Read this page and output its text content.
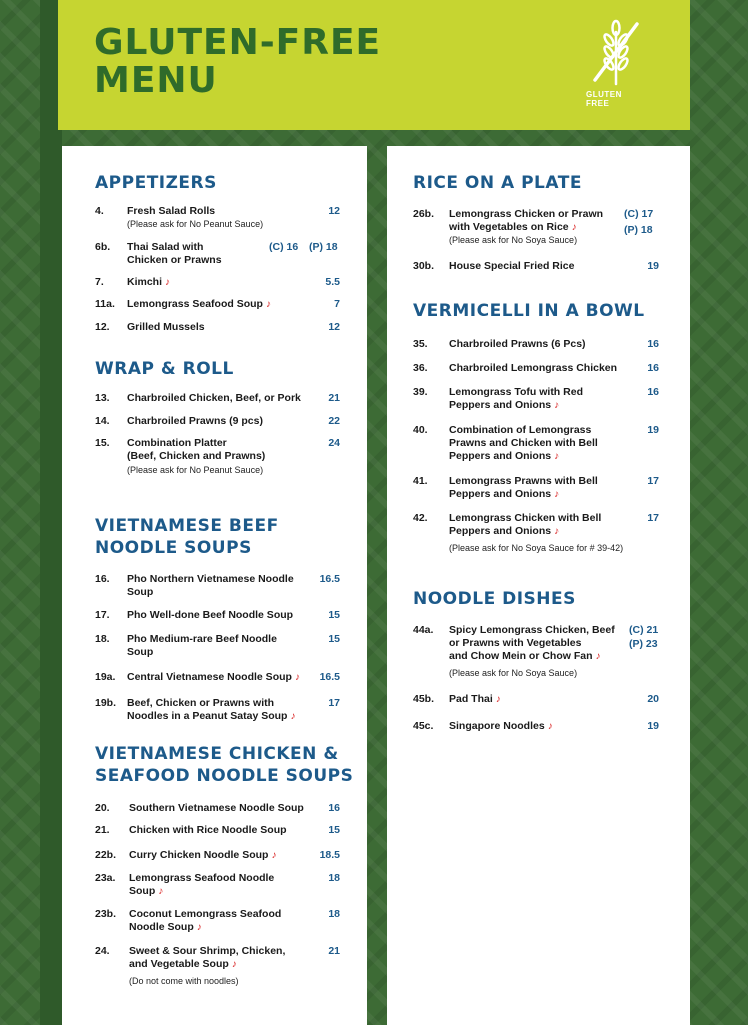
GLUTEN-FREE
MENU	GLUTEN FREE
APPETIZERS
4. Fresh Salad Rolls	12
(Please ask for No Peanut Sauce)
6b. Thai Salad with
Chicken or Prawns
(C) 16 (P) 18
7. Kimchi ♪	5.5
11a. Lemongrass Seafood Soup ♪	7
12. Grilled Mussels	12
WRAP & ROLL
13. Charbroiled Chicken, Beef, or Pork	21
14. Charbroiled Prawns (9 pcs)	22
15. Combination Platter
(Beef, Chicken and Prawns)
24
(Please ask for No Peanut Sauce)
VIETNAMESE BEEF
NOODLE SOUPS
16. Pho Northern Vietnamese Noodle
Soup
16.5
17. Pho Well-done Beef Noodle Soup	15
18. Pho Medium-rare Beef Noodle
Soup
15
19a. Central Vietnamese Noodle Soup ♪ 16.5
19b. Beef, Chicken or Prawns with
Noodles in a Peanut Satay Soup ♪
17
VIETNAMESE CHICKEN &
SEAFOOD NOODLE SOUPS
20. Southern Vietnamese Noodle Soup 16
21. Chicken with Rice Noodle Soup	15
22b. Curry Chicken Noodle Soup ♪	18.5
23a. Lemongrass Seafood Noodle
Soup ♪
18
23b. Coconut Lemongrass Seafood
Noodle Soup ♪
18
24. Sweet & Sour Shrimp, Chicken,
and Vegetable Soup ♪
21
(Do not come with noodles)
RICE ON A PLATE
26b. Lemongrass Chicken or Prawn
with Vegetables on Rice ♪
(C) 17
(P) 18
(Please ask for No Soya Sauce)
30b. House Special Fried Rice	19
VERMICELLI IN A BOWL
35. Charbroiled Prawns (6 Pcs)	16
36. Charbroiled Lemongrass Chicken	16
39. Lemongrass Tofu with Red
Peppers and Onions ♪
16
40. Combination of Lemongrass
Prawns and Chicken with Bell
Peppers and Onions ♪
19
41. Lemongrass Prawns with Bell
Peppers and Onions ♪
17
42. Lemongrass Chicken with Bell
Peppers and Onions ♪
17
(Please ask for No Soya Sauce for # 39-42)
NOODLE DISHES
44a. Spicy Lemongrass Chicken, Beef
or Prawns with Vegetables
and Chow Mein or Chow Fan ♪
(C) 21
(P) 23
(Please ask for No Soya Sauce)
45b. Pad Thai ♪	20
45c. Singapore Noodles ♪	19
